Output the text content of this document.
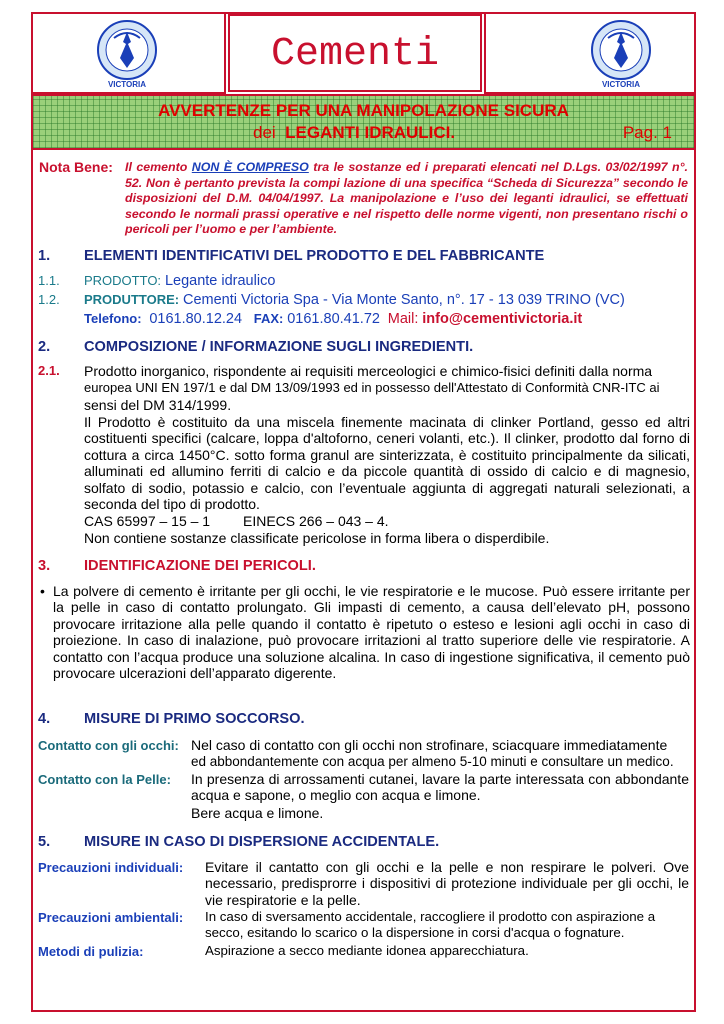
VICTORIA	VICTORIA
Cementi
AVVERTENZE PER UNA MANIPOLAZIONE SICURA
dei LEGANTI IDRAULICI.	Pag. 1
Nota Bene: Il cemento NON È COMPRESO tra le sostanze ed i preparati elencati nel D.Lgs. 03/02/1997 n°. 52. Non è pertanto prevista la compi lazione di una specifica “Scheda di Sicurezza” secondo le disposizioni del D.M. 04/04/1997. La manipolazione e l’uso dei leganti idraulici, se effettuati secondo le normali prassi operative e nel rispetto delle norme vigenti, non presentano rischi o pericoli per l’uomo e per l’ambiente.
1. ELEMENTI IDENTIFICATIVI DEL PRODOTTO E DEL FABBRICANTE
1.1. PRODOTTO: Legante idraulico
1.2. PRODUTTORE: Cementi Victoria Spa - Via Monte Santo, n°. 17 - 13 039 TRINO (VC)
Telefono: 0161.80.12.24 FAX: 0161.80.41.72 Mail: info@cementivictoria.it
2. COMPOSIZIONE / INFORMAZIONE SUGLI INGREDIENTI.
2.1. Prodotto inorganico, rispondente ai requisiti merceologici e chimico-fisici definiti dalla norma
europea UNI EN 197/1 e dal DM 13/09/1993 ed in possesso dell'Attestato di Conformità CNR-ITC ai
sensi del DM 314/1999.
Il Prodotto è costituito da una miscela finemente macinata di clinker Portland, gesso ed altri costituenti specifici (calcare, loppa d'altoforno, ceneri volanti, etc.). Il clinker, prodotto dal forno di cottura a circa 1450°C. sotto forma granul are sinterizzata, è costituito principalmente da silicati, alluminati ed allumino ferriti di calcio e da piccole quantità di ossido di calcio e di magnesio, solfato di sodio, potassio e calcio, con l’eventuale aggiunta di aggregati naturali selezionati, a seconda del tipo di prodotto.
CAS 65997 – 15 – 1 EINECS 266 – 043 – 4.
Non contiene sostanze classificate pericolose in forma libera o disperdibile.
3. IDENTIFICAZIONE DEI PERICOLI.
• La polvere di cemento è irritante per gli occhi, le vie respiratorie e le mucose. Può essere irritante per la pelle in caso di contatto prolungato. Gli impasti di cemento, a causa dell’elevato pH, possono provocare irritazione alla pelle quando il contatto è ripetuto o esteso e lesioni agli occhi in caso di proiezione. In caso di inalazione, può provocare irritazioni al tratto superiore delle vie respiratorie. A contatto con l’acqua produce una soluzione alcalina. In caso di ingestione significativa, il cemento può provocare ulcerazioni dell’apparato digerente.
4. MISURE DI PRIMO SOCCORSO.
Contatto con gli occhi: Nel caso di contatto con gli occhi non strofinare, sciacquare immediatamente
ed abbondantemente con acqua per almeno 5-10 minuti e consultare un medico.
Contatto con la Pelle: In presenza di arrossamenti cutanei, lavare la parte interessata con abbondante acqua e sapone, o meglio con acqua e limone.
Bere acqua e limone.
5. MISURE IN CASO DI DISPERSIONE ACCIDENTALE.
Precauzioni individuali: Evitare il cantatto con gli occhi e la pelle e non respirare le polveri. Ove necessario, predisprorre i dispositivi di protezione individuale per gli occhi, le vie respiratorie e la pelle.
Precauzioni ambientali: In caso di sversamento accidentale, raccogliere il prodotto con aspirazione a secco, esitando lo scarico o la dispersione in corsi d'acqua o fognature.
Metodi di pulizia:	Aspirazione a secco mediante idonea apparecchiatura.
